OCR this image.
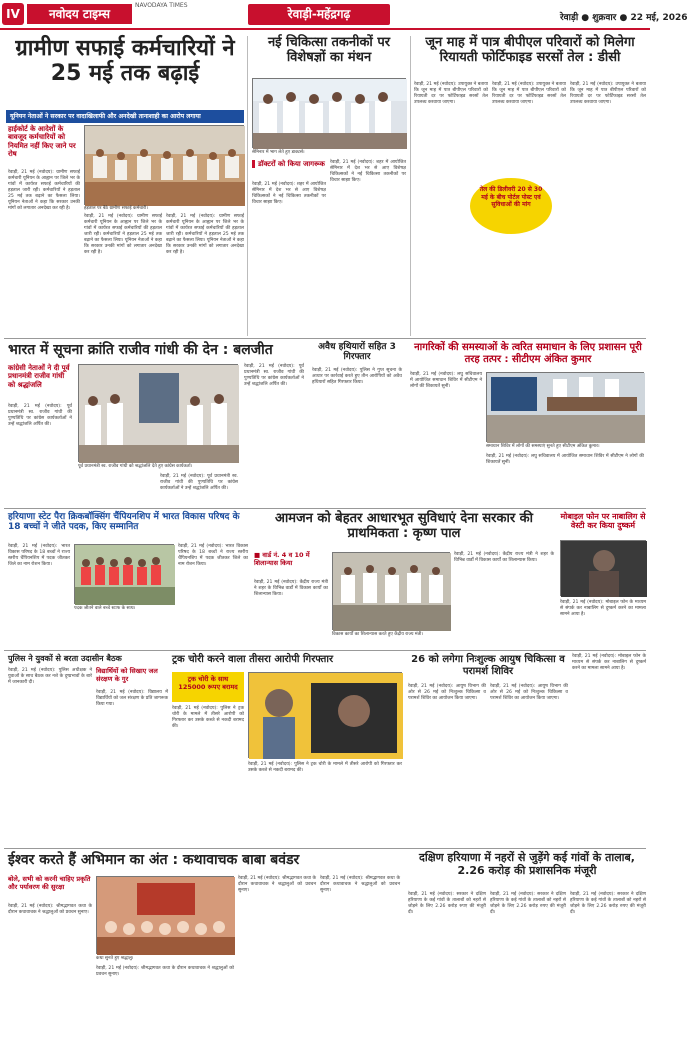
IV	नवोदय टाइम्स
NAVODAYA TIMES
रेवाड़ी-महेंद्रगढ़	रेवाड़ी ● शुक्रवार ● 22 मई, 2026
ग्रामीण सफाई कर्मचारियों ने 25 मई तक बढ़ाई
यूनियन नेताओं ने सरकार पर वादाखिलाफी और अनदेखी तानाशाही का आरोप लगाया
हाईकोर्ट के आदेशों के बावजूद कर्मचारियों को नियमित नहीं किए जाने पर रोष
रेवाड़ी, 21 मई (नवोदय): ग्रामीण सफाई कर्मचारी यूनियन के आह्वान पर जिले भर के गांवों में कार्यरत सफाई कर्मचारियों की हड़ताल जारी रही। कर्मचारियों ने हड़ताल 25 मई तक बढ़ाने का फैसला लिया। यूनियन नेताओं ने कहा कि सरकार उनकी मांगों को लगातार अनदेखा कर रही है।	हड़ताल पर बैठे ग्रामीण सफाई कर्मचारी।
रेवाड़ी, 21 मई (नवोदय): ग्रामीण सफाई कर्मचारी यूनियन के आह्वान पर जिले भर के गांवों में कार्यरत सफाई कर्मचारियों की हड़ताल जारी रही। कर्मचारियों ने हड़ताल 25 मई तक बढ़ाने का फैसला लिया। यूनियन नेताओं ने कहा कि सरकार उनकी मांगों को लगातार अनदेखा कर रही है।
रेवाड़ी, 21 मई (नवोदय): ग्रामीण सफाई कर्मचारी यूनियन के आह्वान पर जिले भर के गांवों में कार्यरत सफाई कर्मचारियों की हड़ताल जारी रही। कर्मचारियों ने हड़ताल 25 मई तक बढ़ाने का फैसला लिया। यूनियन नेताओं ने कहा कि सरकार उनकी मांगों को लगातार अनदेखा कर रही है।
नई चिकित्सा तकनीकों पर विशेषज्ञों का मंथन
सेमिनार में भाग लेते हुए डाक्टर्स।
डॉक्टरों को किया जागरूक
रेवाड़ी, 21 मई (नवोदय): शहर में आयोजित सेमिनार में देश भर से आए विशेषज्ञ चिकित्सकों ने नई चिकित्सा तकनीकों पर विचार साझा किए।
रेवाड़ी, 21 मई (नवोदय): शहर में आयोजित सेमिनार में देश भर से आए विशेषज्ञ चिकित्सकों ने नई चिकित्सा तकनीकों पर विचार साझा किए।
जून माह में पात्र बीपीएल परिवारों को मिलेगा रियायती फोर्टिफाइड सरसों तेल : डीसी
रेवाड़ी, 21 मई (नवोदय): उपायुक्त ने बताया कि जून माह में पात्र बीपीएल परिवारों को रियायती दर पर फोर्टिफाइड सरसों तेल उपलब्ध करवाया जाएगा।
रेवाड़ी, 21 मई (नवोदय): उपायुक्त ने बताया कि जून माह में पात्र बीपीएल परिवारों को रियायती दर पर फोर्टिफाइड सरसों तेल उपलब्ध करवाया जाएगा।
रेवाड़ी, 21 मई (नवोदय): उपायुक्त ने बताया कि जून माह में पात्र बीपीएल परिवारों को रियायती दर पर फोर्टिफाइड सरसों तेल उपलब्ध करवाया जाएगा।
तेल की डिलीवरी 20 से 30 मई के बीच पोर्टल पोस्ट एवं सुविधाओं की मांग
भारत में सूचना क्रांति राजीव गांधी की देन : बलजीत
कांग्रेसी नेताओं ने दी पूर्व प्रधानमंत्री राजीव गांधी को श्रद्धांजलि
रेवाड़ी, 21 मई (नवोदय): पूर्व प्रधानमंत्री स्व. राजीव गांधी की पुण्यतिथि पर कांग्रेस कार्यकर्ताओं ने उन्हें श्रद्धांजलि अर्पित की।
पूर्व प्रधानमंत्री स्व. राजीव गांधी को श्रद्धांजलि देते हुए कांग्रेस कार्यकर्ता।
रेवाड़ी, 21 मई (नवोदय): पूर्व प्रधानमंत्री स्व. राजीव गांधी की पुण्यतिथि पर कांग्रेस कार्यकर्ताओं ने उन्हें श्रद्धांजलि अर्पित की।
रेवाड़ी, 21 मई (नवोदय): पूर्व प्रधानमंत्री स्व. राजीव गांधी की पुण्यतिथि पर कांग्रेस कार्यकर्ताओं ने उन्हें श्रद्धांजलि अर्पित की।
अवैध हथियारों सहित 3 गिरफ्तार
रेवाड़ी, 21 मई (नवोदय): पुलिस ने गुप्त सूचना के आधार पर कार्रवाई करते हुए तीन आरोपियों को अवैध हथियारों सहित गिरफ्तार किया।
नागरिकों की समस्याओं के त्वरित समाधान के लिए प्रशासन पूरी तरह तत्पर : सीटीएम अंकित कुमार
रेवाड़ी, 21 मई (नवोदय): लघु सचिवालय में आयोजित समाधान शिविर में सीटीएम ने लोगों की शिकायतें सुनीं।
समाधान शिविर में लोगों की समस्याएं सुनते हुए सीटीएम अंकित कुमार।
रेवाड़ी, 21 मई (नवोदय): लघु सचिवालय में आयोजित समाधान शिविर में सीटीएम ने लोगों की शिकायतें सुनीं।
हरियाणा स्टेट पैरा क्रिकबॉक्सिंग चैंपियनशिप में भारत विकास परिषद के 18 बच्चों ने जीते पदक, किए सम्मानित
रेवाड़ी, 21 मई (नवोदय): भारत विकास परिषद के 18 बच्चों ने राज्य स्तरीय चैंपियनशिप में पदक जीतकर जिले का नाम रोशन किया।
पदक जीतने वाले बच्चे स्टाफ के साथ।
रेवाड़ी, 21 मई (नवोदय): भारत विकास परिषद के 18 बच्चों ने राज्य स्तरीय चैंपियनशिप में पदक जीतकर जिले का नाम रोशन किया।
आमजन को बेहतर आधारभूत सुविधाएं देना सरकार की प्राथमिकता : कृष्ण पाल
■ वार्ड नं. 4 व 10 में शिलान्यास किया
रेवाड़ी, 21 मई (नवोदय): केंद्रीय राज्य मंत्री ने शहर के विभिन्न वार्डों में विकास कार्यों का शिलान्यास किया।
विकास कार्यों का शिलान्यास करते हुए केंद्रीय राज्य मंत्री।
रेवाड़ी, 21 मई (नवोदय): केंद्रीय राज्य मंत्री ने शहर के विभिन्न वार्डों में विकास कार्यों का शिलान्यास किया।
मोबाइल फोन पर नाबालिग से वेस्टी कर किया दुष्कर्म
रेवाड़ी, 21 मई (नवोदय): मोबाइल फोन के माध्यम से संपर्क कर नाबालिग से दुष्कर्म करने का मामला सामने आया है।
पुलिस ने युवकों से बरता उदासीन बैठक
रेवाड़ी, 21 मई (नवोदय): पुलिस अधीक्षक ने युवाओं के साथ बैठक कर नशे के दुष्प्रभावों के बारे में जानकारी दी।
विद्यार्थियों को सिखाए जल संरक्षण के गुर
रेवाड़ी, 21 मई (नवोदय): विद्यालय में विद्यार्थियों को जल संरक्षण के प्रति जागरूक किया गया।
ट्रक चोरी करने वाला तीसरा आरोपी गिरफ्तार
ट्रक चोरी के साथ 125000 रूपए बरामद
रेवाड़ी, 21 मई (नवोदय): पुलिस ने ट्रक चोरी के मामले में तीसरे आरोपी को गिरफ्तार कर उसके कब्जे से नकदी बरामद की।
रेवाड़ी, 21 मई (नवोदय): पुलिस ने ट्रक चोरी के मामले में तीसरे आरोपी को गिरफ्तार कर उसके कब्जे से नकदी बरामद की।
26 को लगेगा निःशुल्क आयुष चिकित्सा व परामर्श शिविर
रेवाड़ी, 21 मई (नवोदय): आयुष विभाग की ओर से 26 मई को निःशुल्क चिकित्सा व परामर्श शिविर का आयोजन किया जाएगा।
रेवाड़ी, 21 मई (नवोदय): आयुष विभाग की ओर से 26 मई को निःशुल्क चिकित्सा व परामर्श शिविर का आयोजन किया जाएगा।
रेवाड़ी, 21 मई (नवोदय): मोबाइल फोन के माध्यम से संपर्क कर नाबालिग से दुष्कर्म करने का मामला सामने आया है।
ईश्वर करते हैं अभिमान का अंत : कथावाचक बाबा बवंडर
बोले, सभी को करनी चाहिए प्रकृति और पर्यावरण की सुरक्षा
रेवाड़ी, 21 मई (नवोदय): श्रीमद्भागवत कथा के दौरान कथावाचक ने श्रद्धालुओं को प्रवचन सुनाए।
कथा सुनते हुए श्रद्धालु।
रेवाड़ी, 21 मई (नवोदय): श्रीमद्भागवत कथा के दौरान कथावाचक ने श्रद्धालुओं को प्रवचन सुनाए।
रेवाड़ी, 21 मई (नवोदय): श्रीमद्भागवत कथा के दौरान कथावाचक ने श्रद्धालुओं को प्रवचन सुनाए।
रेवाड़ी, 21 मई (नवोदय): श्रीमद्भागवत कथा के दौरान कथावाचक ने श्रद्धालुओं को प्रवचन सुनाए।
दक्षिण हरियाणा में नहरों से जुड़ेंगे कई गांवों के तालाब, 2.26 करोड़ की प्रशासनिक मंजूरी
रेवाड़ी, 21 मई (नवोदय): सरकार ने दक्षिण हरियाणा के कई गांवों के तालाबों को नहरों से जोड़ने के लिए 2.26 करोड़ रुपए की मंजूरी दी।
रेवाड़ी, 21 मई (नवोदय): सरकार ने दक्षिण हरियाणा के कई गांवों के तालाबों को नहरों से जोड़ने के लिए 2.26 करोड़ रुपए की मंजूरी दी।
रेवाड़ी, 21 मई (नवोदय): सरकार ने दक्षिण हरियाणा के कई गांवों के तालाबों को नहरों से जोड़ने के लिए 2.26 करोड़ रुपए की मंजूरी दी।
